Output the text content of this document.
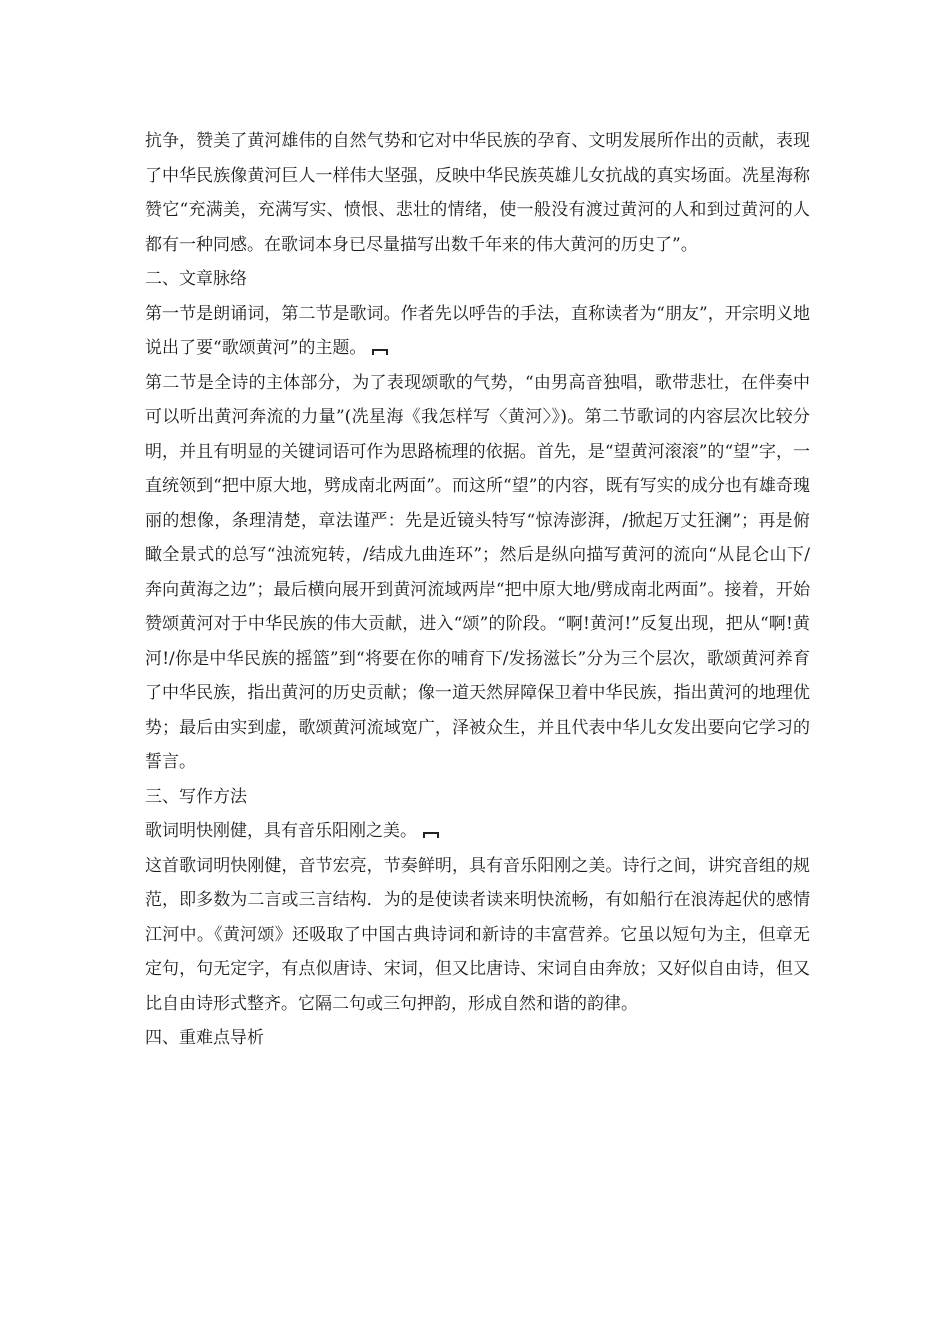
抗争，赞美了黄河雄伟的自然气势和它对中华民族的孕育、文明发展所作出的贡献，表现了中华民族像黄河巨人一样伟大坚强，反映中华民族英雄儿女抗战的真实场面。冼星海称赞它“充满美，充满写实、愤恨、悲壮的情绪，使一般没有渡过黄河的人和到过黄河的人都有一种同感。在歌词本身已尽量描写出数千年来的伟大黄河的历史了”。

二、文章脉络

第一节是朗诵词，第二节是歌词。作者先以呼告的手法，直称读者为“朋友”，开宗明义地说出了要“歌颂黄河”的主题。

第二节是全诗的主体部分，为了表现颂歌的气势，“由男高音独唱，歌带悲壮，在伴奏中可以听出黄河奔流的力量”(冼星海《我怎样写〈黄河〉》)。第二节歌词的内容层次比较分明，并且有明显的关键词语可作为思路梳理的依据。首先，是“望黄河滚滚”的“望”字，一直统领到“把中原大地，劈成南北两面”。而这所“望”的内容，既有写实的成分也有雄奇瑰丽的想像，条理清楚，章法谨严：先是近镜头特写“惊涛澎湃，/掀起万丈狂澜”；再是俯瞰全景式的总写“浊流宛转，/结成九曲连环”；然后是纵向描写黄河的流向“从昆仑山下/奔向黄海之边”；最后横向展开到黄河流域两岸“把中原大地/劈成南北两面”。接着，开始赞颂黄河对于中华民族的伟大贡献，进入“颂”的阶段。“啊!黄河!”反复出现，把从“啊!黄河!/你是中华民族的摇篮”到“将要在你的哺育下/发扬滋长”分为三个层次，歌颂黄河养育了中华民族，指出黄河的历史贡献；像一道天然屏障保卫着中华民族，指出黄河的地理优势；最后由实到虚，歌颂黄河流域宽广，泽被众生，并且代表中华儿女发出要向它学习的誓言。

三、写作方法

歌词明快刚健，具有音乐阳刚之美。

这首歌词明快刚健，音节宏亮，节奏鲜明，具有音乐阳刚之美。诗行之间，讲究音组的规范，即多数为二言或三言结构．为的是使读者读来明快流畅，有如船行在浪涛起伏的感情江河中。《黄河颂》还吸取了中国古典诗词和新诗的丰富营养。它虽以短句为主，但章无定句，句无定字，有点似唐诗、宋词，但又比唐诗、宋词自由奔放；又好似自由诗，但又比自由诗形式整齐。它隔二句或三句押韵，形成自然和谐的韵律。

四、重难点导析
